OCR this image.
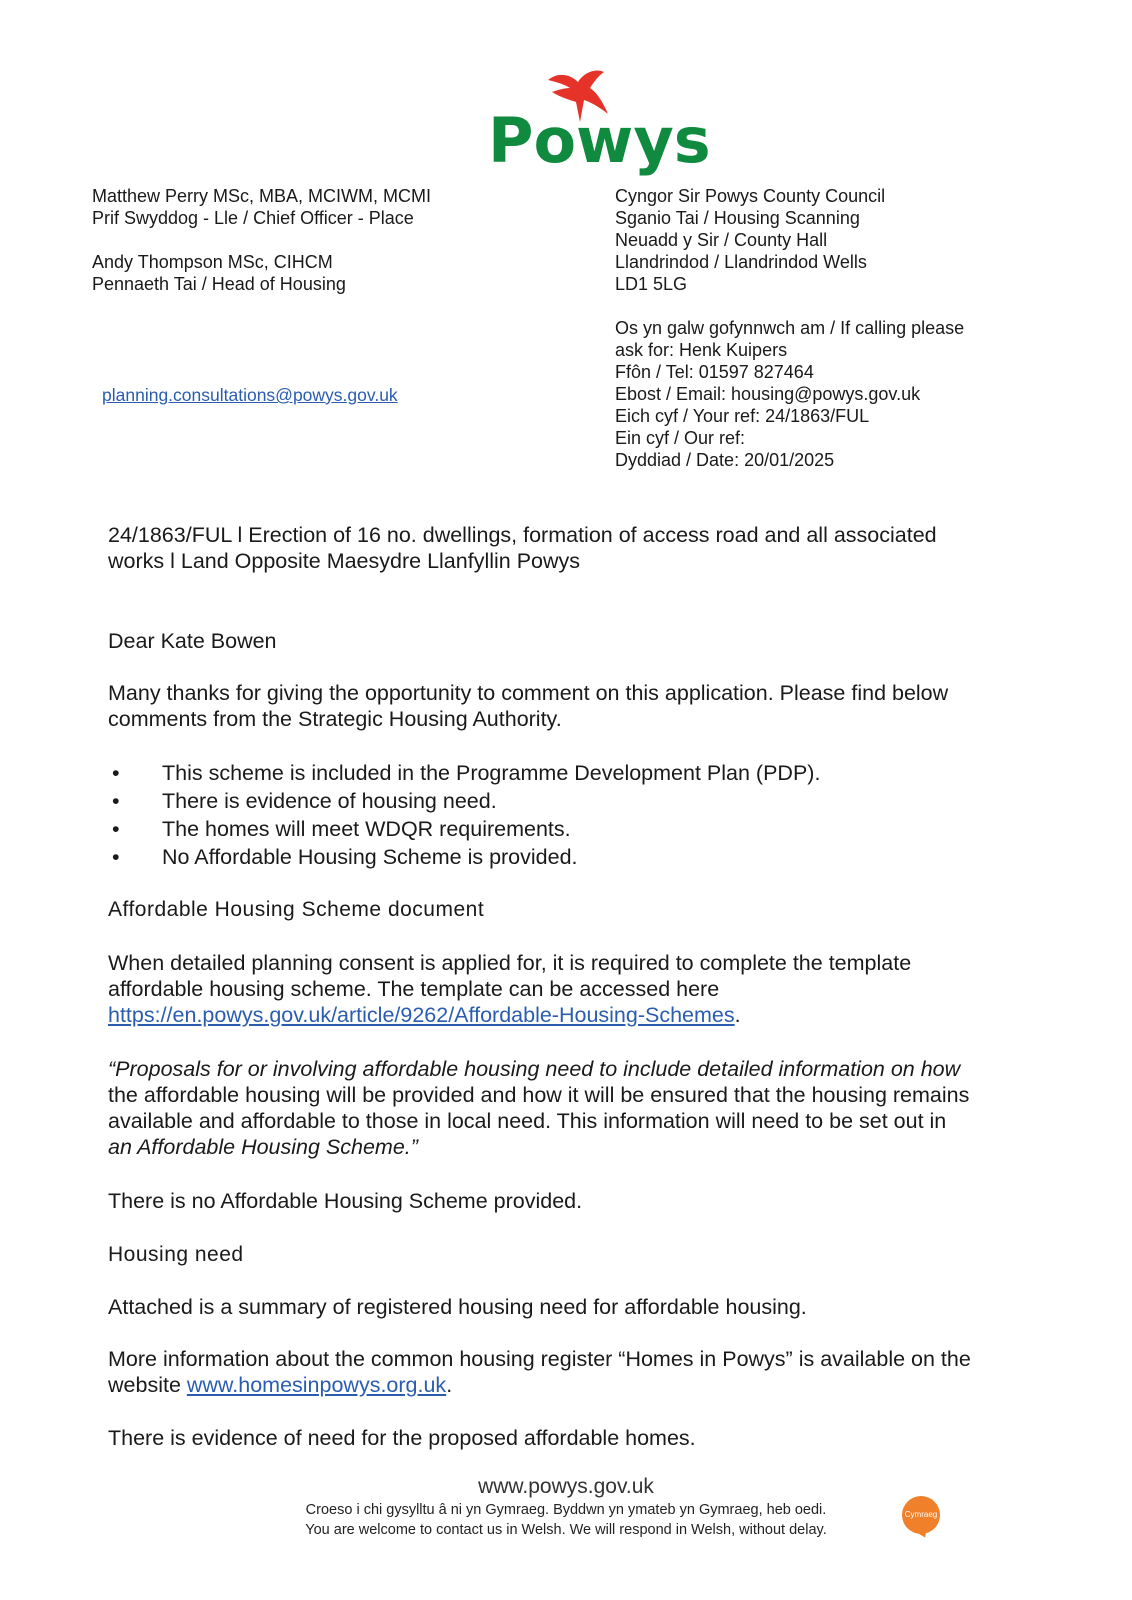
Powys
Matthew Perry MSc, MBA, MCIWM, MCMI
Prif Swyddog - Lle / Chief Officer - Place
Andy Thompson MSc, CIHCM
Pennaeth Tai / Head of Housing
planning.consultations@powys.gov.uk
Cyngor Sir Powys County Council
Sganio Tai / Housing Scanning
Neuadd y Sir / County Hall
Llandrindod / Llandrindod Wells
LD1 5LG
Os yn galw gofynnwch am / If calling please
ask for: Henk Kuipers
Ffôn / Tel: 01597 827464
Ebost / Email: housing@powys.gov.uk
Eich cyf / Your ref: 24/1863/FUL
Ein cyf / Our ref:
Dyddiad / Date: 20/01/2025
24/1863/FUL l Erection of 16 no. dwellings, formation of access road and all associated
works l Land Opposite Maesydre Llanfyllin Powys
Dear Kate Bowen
Many thanks for giving the opportunity to comment on this application. Please find below
comments from the Strategic Housing Authority.
• This scheme is included in the Programme Development Plan (PDP).
• There is evidence of housing need.
• The homes will meet WDQR requirements.
• No Affordable Housing Scheme is provided.
Affordable Housing Scheme document
When detailed planning consent is applied for, it is required to complete the template
affordable housing scheme. The template can be accessed here
https://en.powys.gov.uk/article/9262/Affordable-Housing-Schemes.
“Proposals for or involving affordable housing need to include detailed information on how
the affordable housing will be provided and how it will be ensured that the housing remains
available and affordable to those in local need. This information will need to be set out in
an Affordable Housing Scheme.”
There is no Affordable Housing Scheme provided.
Housing need
Attached is a summary of registered housing need for affordable housing.
More information about the common housing register “Homes in Powys” is available on the
website www.homesinpowys.org.uk.
There is evidence of need for the proposed affordable homes.
www.powys.gov.uk
Croeso i chi gysylltu â ni yn Gymraeg. Byddwn yn ymateb yn Gymraeg, heb oedi.
You are welcome to contact us in Welsh. We will respond in Welsh, without delay.
Cymraeg
